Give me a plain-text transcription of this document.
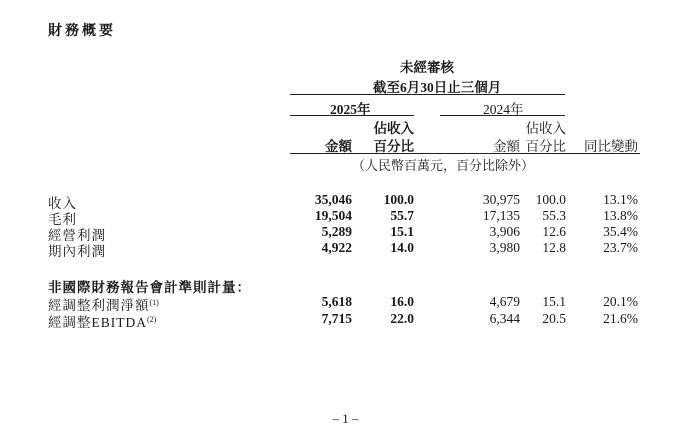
財務概要
未經審核
截至6月30日止三個月
2025年	2024年
佔收入	佔收入
金額	百分比	金額 百分比 同比變動
（人民幣百萬元，百分比除外）
收入	35,046	100.0	30,975	100.0	13.1%
毛利	19,504	55.7	17,135	55.3	13.8%
經營利潤	5,289	15.1	3,906	12.6	35.4%
期內利潤	4,922	14.0	3,980	12.8	23.7%
非國際財務報告會計準則計量：
經調整利潤淨額$^{(1)}$	5,618	16.0	4,679	15.1	20.1%
經調整EBITDA$^{(2)}$	7,715	22.0	6,344	20.5	21.6%
– 1 –
